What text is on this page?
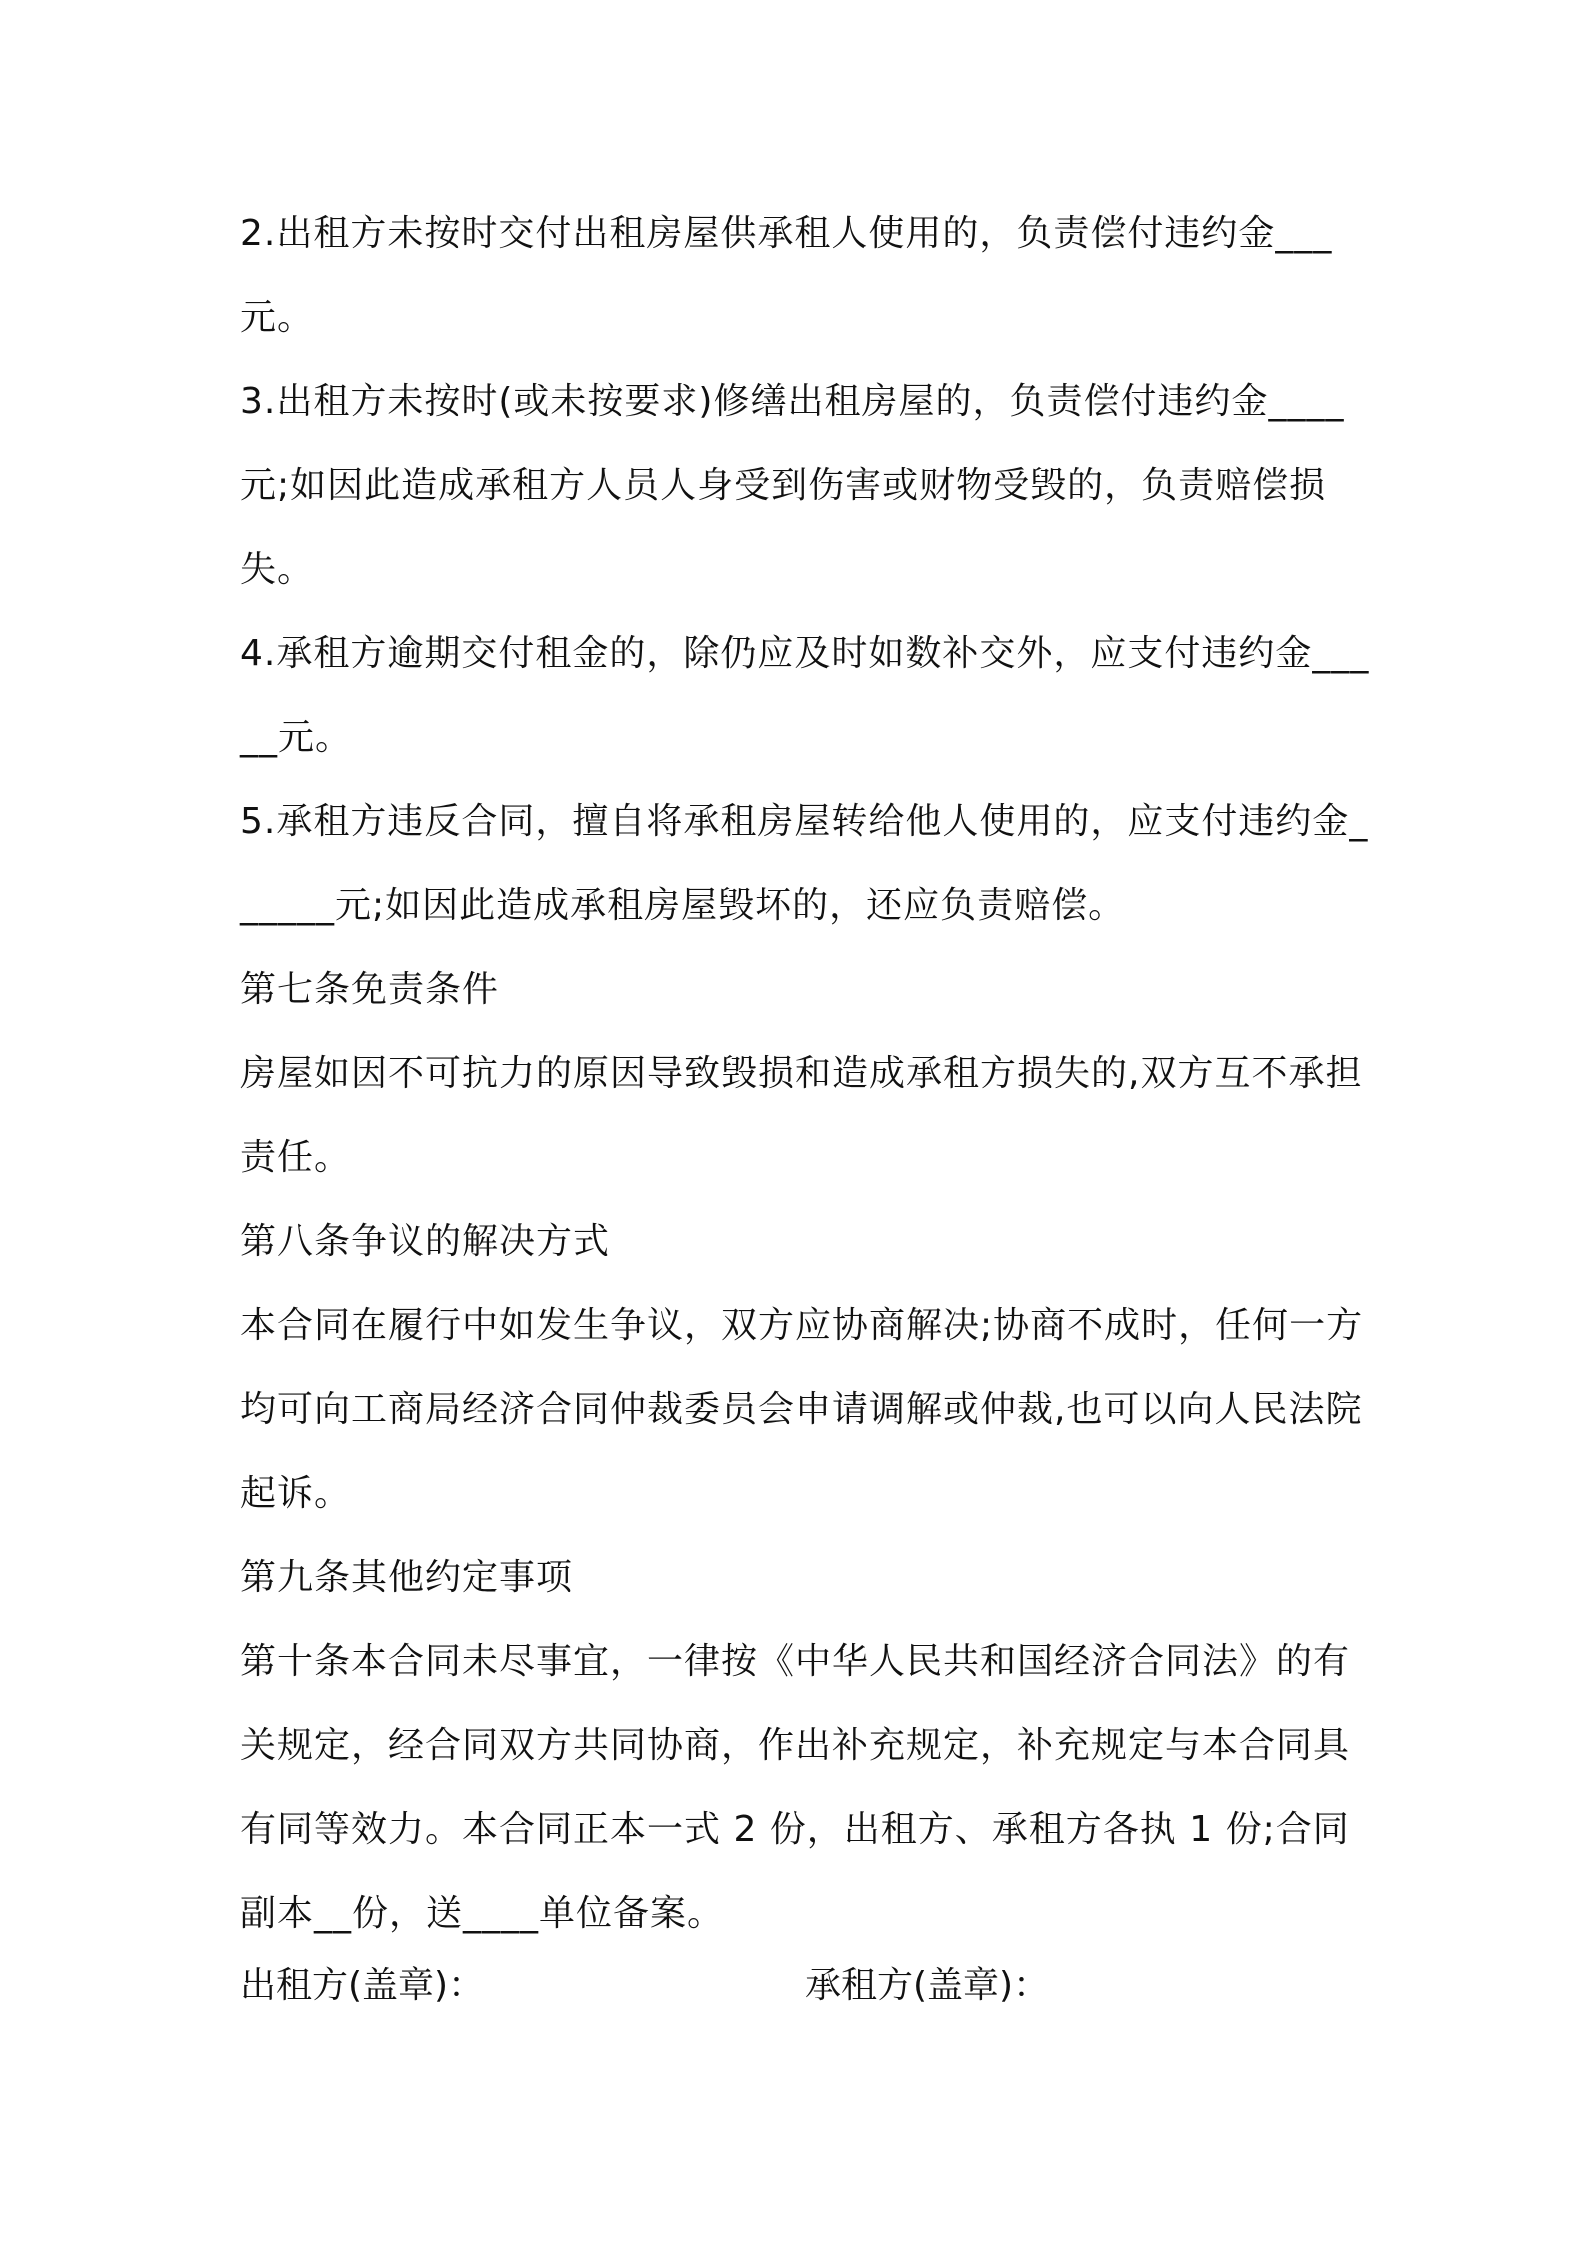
2.出租方未按时交付出租房屋供承租人使用的，负责偿付违约金___元。

3.出租方未按时(或未按要求)修缮出租房屋的，负责偿付违约金____元;如因此造成承租方人员人身受到伤害或财物受毁的，负责赔偿损失。

4.承租方逾期交付租金的，除仍应及时如数补交外，应支付违约金_____元。

5.承租方违反合同，擅自将承租房屋转给他人使用的，应支付违约金______元;如因此造成承租房屋毁坏的，还应负责赔偿。

第七条免责条件

房屋如因不可抗力的原因导致毁损和造成承租方损失的,双方互不承担责任。

第八条争议的解决方式

本合同在履行中如发生争议，双方应协商解决;协商不成时，任何一方均可向工商局经济合同仲裁委员会申请调解或仲裁,也可以向人民法院起诉。

第九条其他约定事项

第十条本合同未尽事宜，一律按《中华人民共和国经济合同法》的有关规定，经合同双方共同协商，作出补充规定，补充规定与本合同具有同等效力。本合同正本一式 2 份，出租方、承租方各执 1 份;合同副本__份，送____单位备案。

出租方(盖章)：	承租方(盖章)：
